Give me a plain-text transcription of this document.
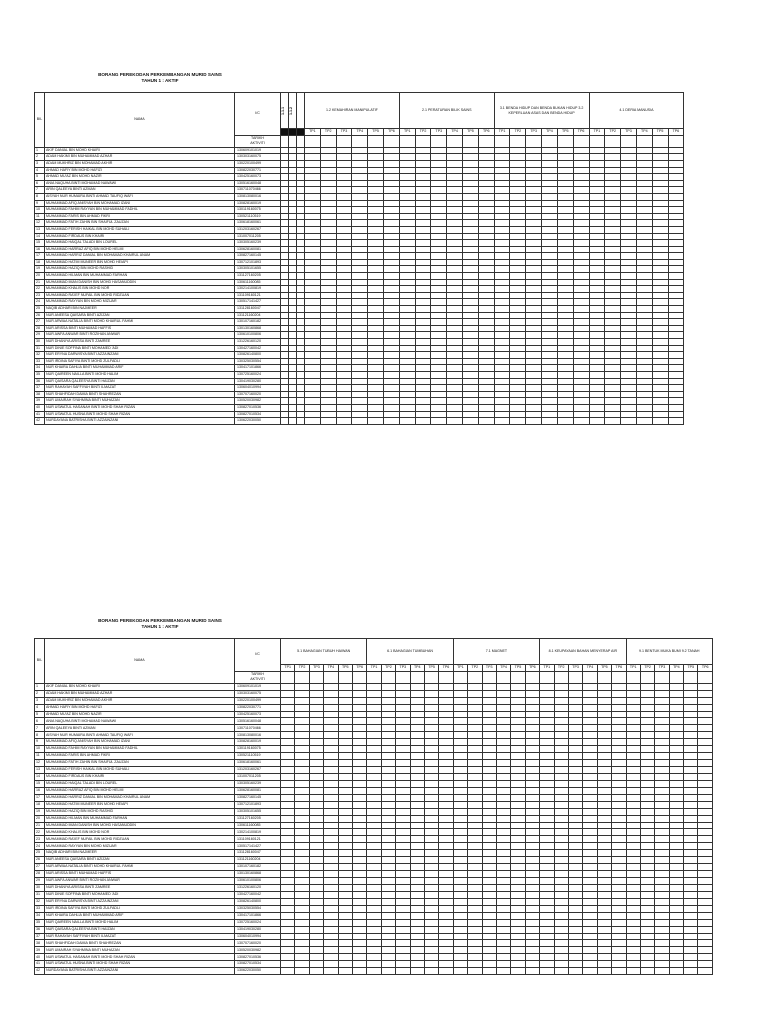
BORANG PEREKODAN PERKEMBANGAN MURID SAINS
TAHUN 1 : AKTIF
BIL	NAMA	I/C	1.1.1	1.1.2		1.2 KEMAHIRAN MANIPULATIF						2.1 PERATURAN BILIK SAINS						3.1 BENDA HIDUP DAN BENDA BUKAN HIDUP 3.2 KEPERLUAN ASAS DAN BENDA HIDUP						4.1 DERIA MANUSIA					
						TP1	TP2	TP3	TP4	TP5	TP6	TP1	TP2	TP3	TP4	TP5	TP6	TP1	TP2	TP3	TP4	TP5	TP6	TP1	TP2	TP3	TP4	TP5	TP6

		TARIKH
AKTIVITI																											

1	AKIF DANIAL BIN MOHD KHAIRI	130609101019																											
2	ADAM HAKIMI BIN MUHAMMAD AZHAR	130303160075																											
3	ADAM MUKHRIZ BIN MOHAMAD AKHIR	130220100499																											
4	AHMAD HAFIY BIN MOHD HAFIZI	130822030771																											
5	AHMAD MU'AZ BIN MOHD NAZIR	130425160073																											
6	ANIA NAQUHA BINTI MOHAMAD NAWAWI	130516160048																											
7	ARIN QALEEYA BINTI AZMAN	130711070466																											
8	AISYAH NUR HUMAIRA BINTI AHMAD TAUFIQ WAFI	130813080016																											
9	MUHAMMAD AFIQ ANISYAH BIN MOHAMAD IZANI	130828160019																											
10	MUHAMMAD FAHIM RAYYAN BIN MUHAMMAD FADHIL	130119160075																											
11	MUHAMMAD FARIS BIN AHMAD FIKRI	130521110519																											
12	MUHAMMAD FATIH ZAHIN BIN SHAIFUL ZAUZAN	130618160061																											
13	MUHAMMAD FERISH HAIKAL BIN MOHD SUHAILI	131203160267																											
14	MUHAMMAD FIRDAUS BIN KHAIRI	131007011205																											
15	MUHAMMAD HAIQAL TALADI BIN LOUREL	130305160239																											
16	MUHAMMAD HARRAZ AFIQ BIN MOHD HELMI	130628160081																											
17	MUHAMMAD HARRIZ DANIAL BIN MOHAMAD KHAIRUL ANAM	130827160145																											
18	MUHAMMAD HATIM MUNEER BIN MOHD HEIAPI	130712101893																											
19	MUHAMMAD HAZIQ BIN MOHD RASHID	130305101655																											
20	MUHAMMAD HILMAN BIN MUHAMMAD FARHAN	131127160205																											
21	MUHAMMAD IMAN DANISH BIN MOHD HASANUDDIN	130611160085																											
22	MUHAMMAD KHALIS BIN MOHD NOR	130214100819																											
23	MUHAMMAD RA'IEF NUFAIL BIN MOHD RIDZUAN	131109160121																											
24	MUHAMMAD RAYYAN BIN MOHD MIZUAR	130517141427																											
25	NAQIB ADHARI BIN NAJMEER	131128160047																											
26	NUR ANEESA QAISARA BINTI AZIZAN	131121160204																											
27	NUR ARWAA NATALIA BINTI MOHD KHAIRUL FAHMI	130107160182																											
28	NUR ARISSA BINTI MUHAMAD HAFFIS	130130160868																											
29	NUR AWFA ANWAR BINTI ROZIHAN ANWAR	130610100806																											
30	NUR DHANIYA ARISSA BINTI ZAMREE	131226160120																											
31	NUR DINIE SOFFINA BINTI MOHAMED 'ADI	130427160042																											
32	NUR ERYNA DARWISYA BINTI AZZAINZANI	130826140800																											
33	NUR IRDINA SAFIYA BINTI MOHD ZULFADLI	130325030554																											
34	NUR KHAIRA DAHLIA BINTI MUHAMMAD ARIF	130417101866																											
35	NUR QAIREEN NAILLA BINTI MOHD HALIM	130725160024																											
36	NUR QAISARA QALEESYA BINTI HAIZAN	130419030280																											
37	NUR RAHAYAH SAFFIYAH BINTI ILMAZAT	130604010994																											
38	NUR SHAHFIDAH DAMIA BINTI SHAHREZAN	130707160020																											
39	NUR UMAIRAH SYAHMINA BINTI MUHAZAN	130520030982																											
40	NUR USWATUL HASANAH BINTI MOHD SHAH RIZAN	130827010536																											
41	NUR USWATUL HUSNA BINTI MOHD SHAH RIZAN	130827010534																											
42	NURDAYANA BATRISHA BINTI AZZAINZANI	130622030050																											
BORANG PEREKODAN PERKEMBANGAN MURID SAINS
TAHUN 1 : AKTIF
BIL	NAMA	I/C	5.1 BAHAGIAN TUBUH HAIWAN						6.1 BAHAGIAN TUMBUHAN						7.1 MAGNET						8.1 KEUPAYAAN BAHAN MENYERAP AIR						9.1 BENTUK MUKA BUMI 9.2 TANAH					
			TP1	TP2	TP3	TP4	TP5	TP6	TP1	TP2	TP3	TP4	TP5	TP6	TP1	TP2	TP3	TP4	TP5	TP6	TP1	TP2	TP3	TP4	TP5	TP6	TP1	TP2	TP3	TP4	TP5	TP6

		TARIKH
AKTIVITI																														

1	AKIF DANIAL BIN MOHD KHAIRI	130609101019																														
2	ADAM HAKIMI BIN MUHAMMAD AZHAR	130303160075																														
3	ADAM MUKHRIZ BIN MOHAMAD AKHIR	130220100499																														
4	AHMAD HAFIY BIN MOHD HAFIZI	130822030771																														
5	AHMAD MU'AZ BIN MOHD NAZIR	130425160073																														
6	ANIA NAQUHA BINTI MOHAMAD NAWAWI	130516160048																														
7	ARIN QALEEYA BINTI AZMAN	130711070466																														
8	AISYAH NUR HUMAIRA BINTI AHMAD TAUFIQ WAFI	130813080016																														
9	MUHAMMAD AFIQ ANISYAH BIN MOHAMAD IZANI	130828160019																														
10	MUHAMMAD FAHIM RAYYAN BIN MUHAMMAD FADHIL	130119160075																														
11	MUHAMMAD FARIS BIN AHMAD FIKRI	130521110519																														
12	MUHAMMAD FATIH ZAHIN BIN SHAIFUL ZAUZAN	130618160061																														
13	MUHAMMAD FERISH HAIKAL BIN MOHD SUHAILI	131203160267																														
14	MUHAMMAD FIRDAUS BIN KHAIRI	131007011205																														
15	MUHAMMAD HAIQAL TALADI BIN LOUREL	130305160239																														
16	MUHAMMAD HARRAZ AFIQ BIN MOHD HELMI	130628160081																														
17	MUHAMMAD HARRIZ DANIAL BIN MOHAMAD KHAIRUL ANAM	130827160145																														
18	MUHAMMAD HATIM MUNEER BIN MOHD HEIAPI	130712101893																														
19	MUHAMMAD HAZIQ BIN MOHD RASHID	130305101655																														
20	MUHAMMAD HILMAN BIN MUHAMMAD FARHAN	131127160205																														
21	MUHAMMAD IMAN DANISH BIN MOHD HASANUDDIN	130611160085																														
22	MUHAMMAD KHALIS BIN MOHD NOR	130214100819																														
23	MUHAMMAD RA'IEF NUFAIL BIN MOHD RIDZUAN	131109160121																														
24	MUHAMMAD RAYYAN BIN MOHD MIZUAR	130517141427																														
25	NAQIB ADHARI BIN NAJMEER	131128160047																														
26	NUR ANEESA QAISARA BINTI AZIZAN	131121160204																														
27	NUR ARWAA NATALIA BINTI MOHD KHAIRUL FAHMI	130107160182																														
28	NUR ARISSA BINTI MUHAMAD HAFFIS	130130160868																														
29	NUR AWFA ANWAR BINTI ROZIHAN ANWAR	130610100806																														
30	NUR DHANIYA ARISSA BINTI ZAMREE	131226160120																														
31	NUR DINIE SOFFINA BINTI MOHAMED 'ADI	130427160042																														
32	NUR ERYNA DARWISYA BINTI AZZAINZANI	130826140800																														
33	NUR IRDINA SAFIYA BINTI MOHD ZULFADLI	130325030554																														
34	NUR KHAIRA DAHLIA BINTI MUHAMMAD ARIF	130417101866																														
35	NUR QAIREEN NAILLA BINTI MOHD HALIM	130725160024																														
36	NUR QAISARA QALEESYA BINTI HAIZAN	130419030280																														
37	NUR RAHAYAH SAFFIYAH BINTI ILMAZAT	130604010994																														
38	NUR SHAHFIDAH DAMIA BINTI SHAHREZAN	130707160020																														
39	NUR UMAIRAH SYAHMINA BINTI MUHAZAN	130520030982																														
40	NUR USWATUL HASANAH BINTI MOHD SHAH RIZAN	130827010536																														
41	NUR USWATUL HUSNA BINTI MOHD SHAH RIZAN	130827010534																														
42	NURDAYANA BATRISHA BINTI AZZAINZANI	130622030050																														
